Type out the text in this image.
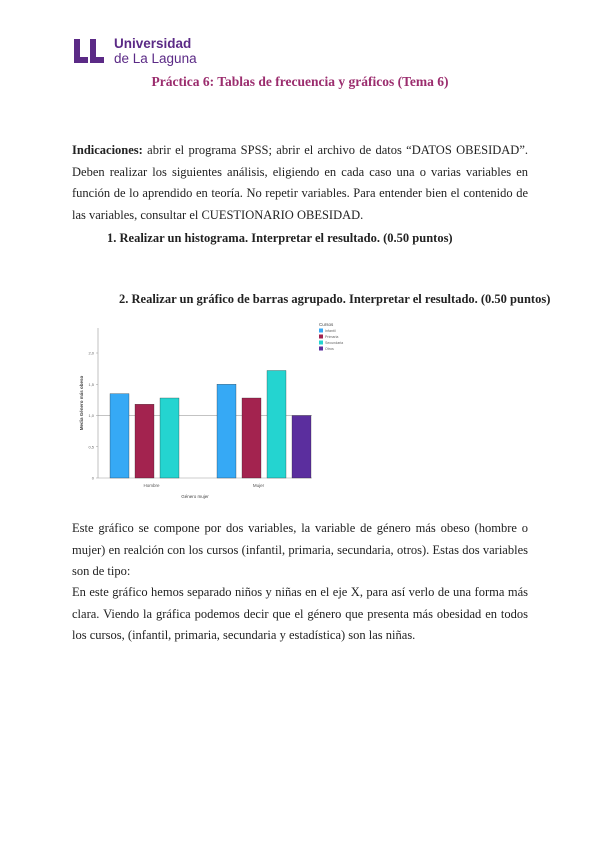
Universidad
de La Laguna
Práctica 6: Tablas de frecuencia y gráficos (Tema 6)
Indicaciones: abrir el programa SPSS; abrir el archivo de datos “DATOS OBESIDAD”. Deben realizar los siguientes análisis, eligiendo en cada caso una o varias variables en función de lo aprendido en teoría. No repetir variables. Para entender bien el contenido de las variables, consultar el CUESTIONARIO OBESIDAD.
1. Realizar un histograma. Interpretar el resultado. (0.50 puntos)
2. Realizar un gráfico de barras agrupado. Interpretar el resultado. (0.50 puntos)
0
0,5
1,0
1,5
2,0
Hombre	Mujer
Género mujer
Media Género más obeso
Cursos
Infantil
Primaria
Secundaria
Otros
Este gráfico se compone por dos variables, la variable de género más obeso (hombre o mujer) en realción con los cursos (infantil, primaria, secundaria, otros). Estas dos variables son de tipo:
En este gráfico hemos separado niños y niñas en el eje X, para así verlo de una forma más clara. Viendo la gráfica podemos decir que el género que presenta más obesidad en todos los cursos, (infantil, primaria, secundaria y estadística) son las niñas.
